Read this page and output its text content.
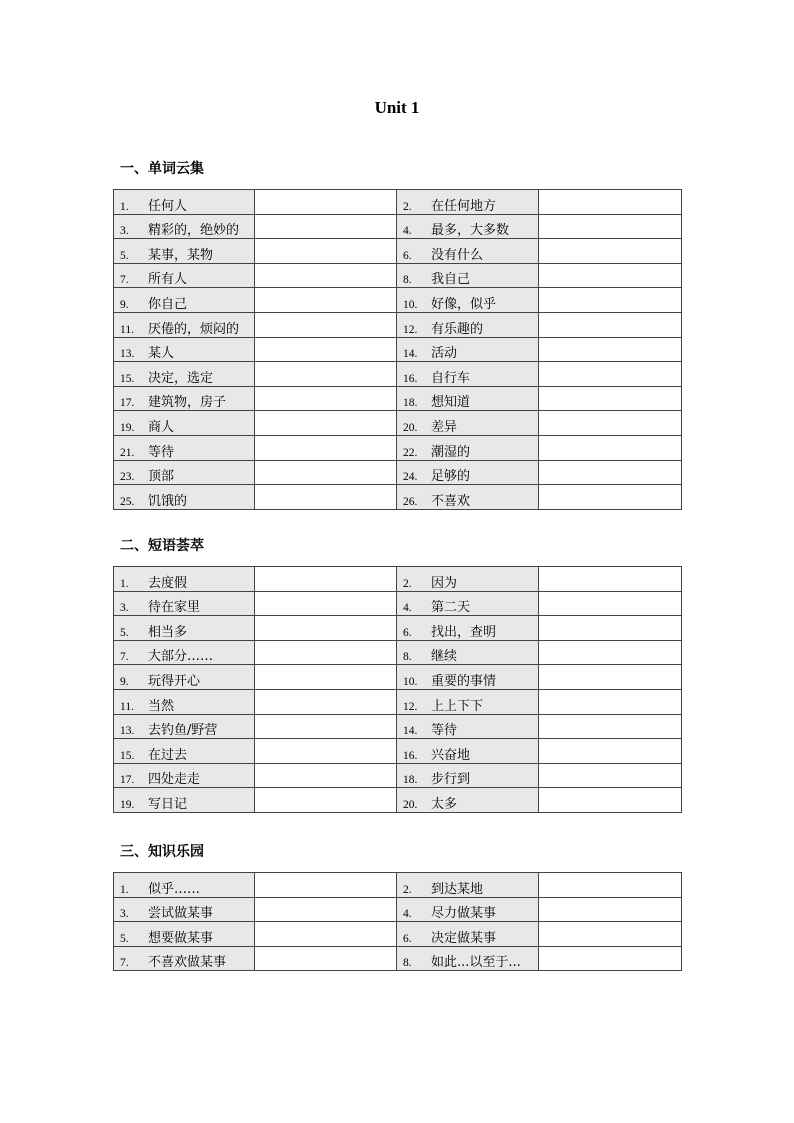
Unit 1
一、单词云集
1. 任何人		2. 在任何地方	
3. 精彩的，绝妙的		4. 最多，大多数	
5. 某事，某物		6. 没有什么	
7. 所有人		8. 我自己	
9. 你自己		10. 好像，似乎	
11. 厌倦的，烦闷的		12. 有乐趣的	
13. 某人		14. 活动	
15. 决定，选定		16. 自行车	
17. 建筑物，房子		18. 想知道	
19. 商人		20. 差异	
21. 等待		22. 潮湿的	
23. 顶部		24. 足够的	
25. 饥饿的		26. 不喜欢	
二、短语荟萃
1. 去度假		2. 因为	
3. 待在家里		4. 第二天	
5. 相当多		6. 找出，查明	
7. 大部分……		8. 继续	
9. 玩得开心		10. 重要的事情	
11. 当然		12. 上上下下	
13. 去钓鱼/野营		14. 等待	
15. 在过去		16. 兴奋地	
17. 四处走走		18. 步行到	
19. 写日记		20. 太多	
三、知识乐园
1. 似乎……		2. 到达某地	
3. 尝试做某事		4. 尽力做某事	
5. 想要做某事		6. 决定做某事	
7. 不喜欢做某事		8. 如此...以至于...	
